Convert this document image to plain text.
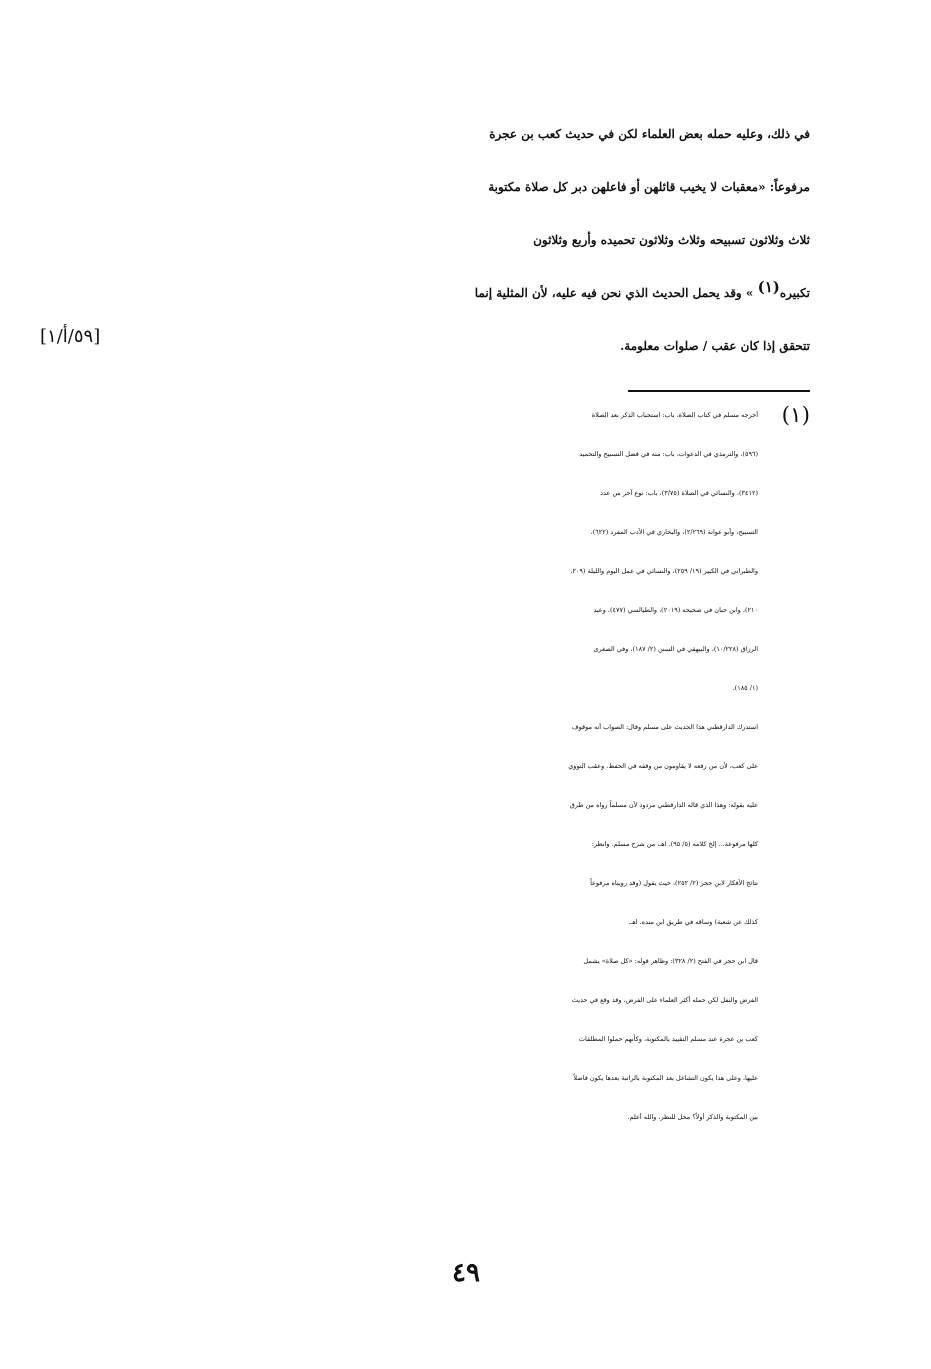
في ذلك، وعليه حمله بعض العلماء لكن في حديث كعب بن عجرة
مرفوعاً: «معقبات لا يخيب قائلهن أو فاعلهن دبر كل صلاة مكتوبة
ثلاث وثلاثون تسبيحه وثلاث وثلاثون تحميده وأربع وثلاثون
تكبيره$^{(١)}$ » وقد يحمل الحديث الذي نحن فيه عليه، لأن المثلية إنما
تتحقق إذا كان عقب / صلوات معلومة.
[٥٩/أ/١]
(١)
أخرجه مسلم في كتاب الصلاة، باب: استحباب الذكر بعد الصلاة
(٥٩٦)، والترمذي في الدعوات، باب: منه في فضل التسبيح والتحميد
(٣٤١٢)، والنسائي في الصلاة (٣/٧٥)، باب: نوع آخر من عدد
التسبيح، وأبو عوانة (٢/٢٦٩)، والبخاري في الأدب المفرد (٦٢٢)،
والطبراني في الكبير (١٩/ ٢٥٩)، والنسائي في عمل اليوم والليلة (٢٠٩،
٢١٠)، وابن حبان في صحيحه (٢٠١٩)، والطيالسي (٤٧٧)، وعبد
الرزاق (١٠/٢٢٨)، والبيهقي في السنن (٢/ ١٨٧)، وفي الصغرى
(١/ ١٨٥).
استدرك الدارقطني هذا الحديث على مسلم وقال: الصواب أنه موقوف
على كعب، لأن من رفعه لا يقاومون من وقفه في الحفظ. وعقب النووي
عليه بقوله: وهذا الذي قاله الدارقطني مردود لأن مسلماً رواه من طرق
كلها مرفوعة... إلخ كلامه (٥/ ٩٥). اهـ، من شرح مسلم. وانظر:
نتائج الأفكار لابن حجر (٢/ ٢٥٢)، حيث يقول (وقد رويناه مرفوعاً
كذلك عن شعبة) وساقه في طريق ابن منده. اهـ.
قال ابن حجر في الفتح (٢/ ٣٢٨): وظاهر قوله: «كل صلاة» يشمل
الفرض والنفل لكن حمله أكثر العلماء على الفرض، وقد وقع في حديث
كعب بن عجرة عند مسلم التقييد بالمكتوبة، وكأنهم حملوا المطلقات
عليها، وعلى هذا يكون التشاغل بعد المكتوبة بالراتبة بعدها يكون فاصلاً
بين المكتوبة والذكر أولاً؟ محل للنظر، والله أعلم.
٤٩
